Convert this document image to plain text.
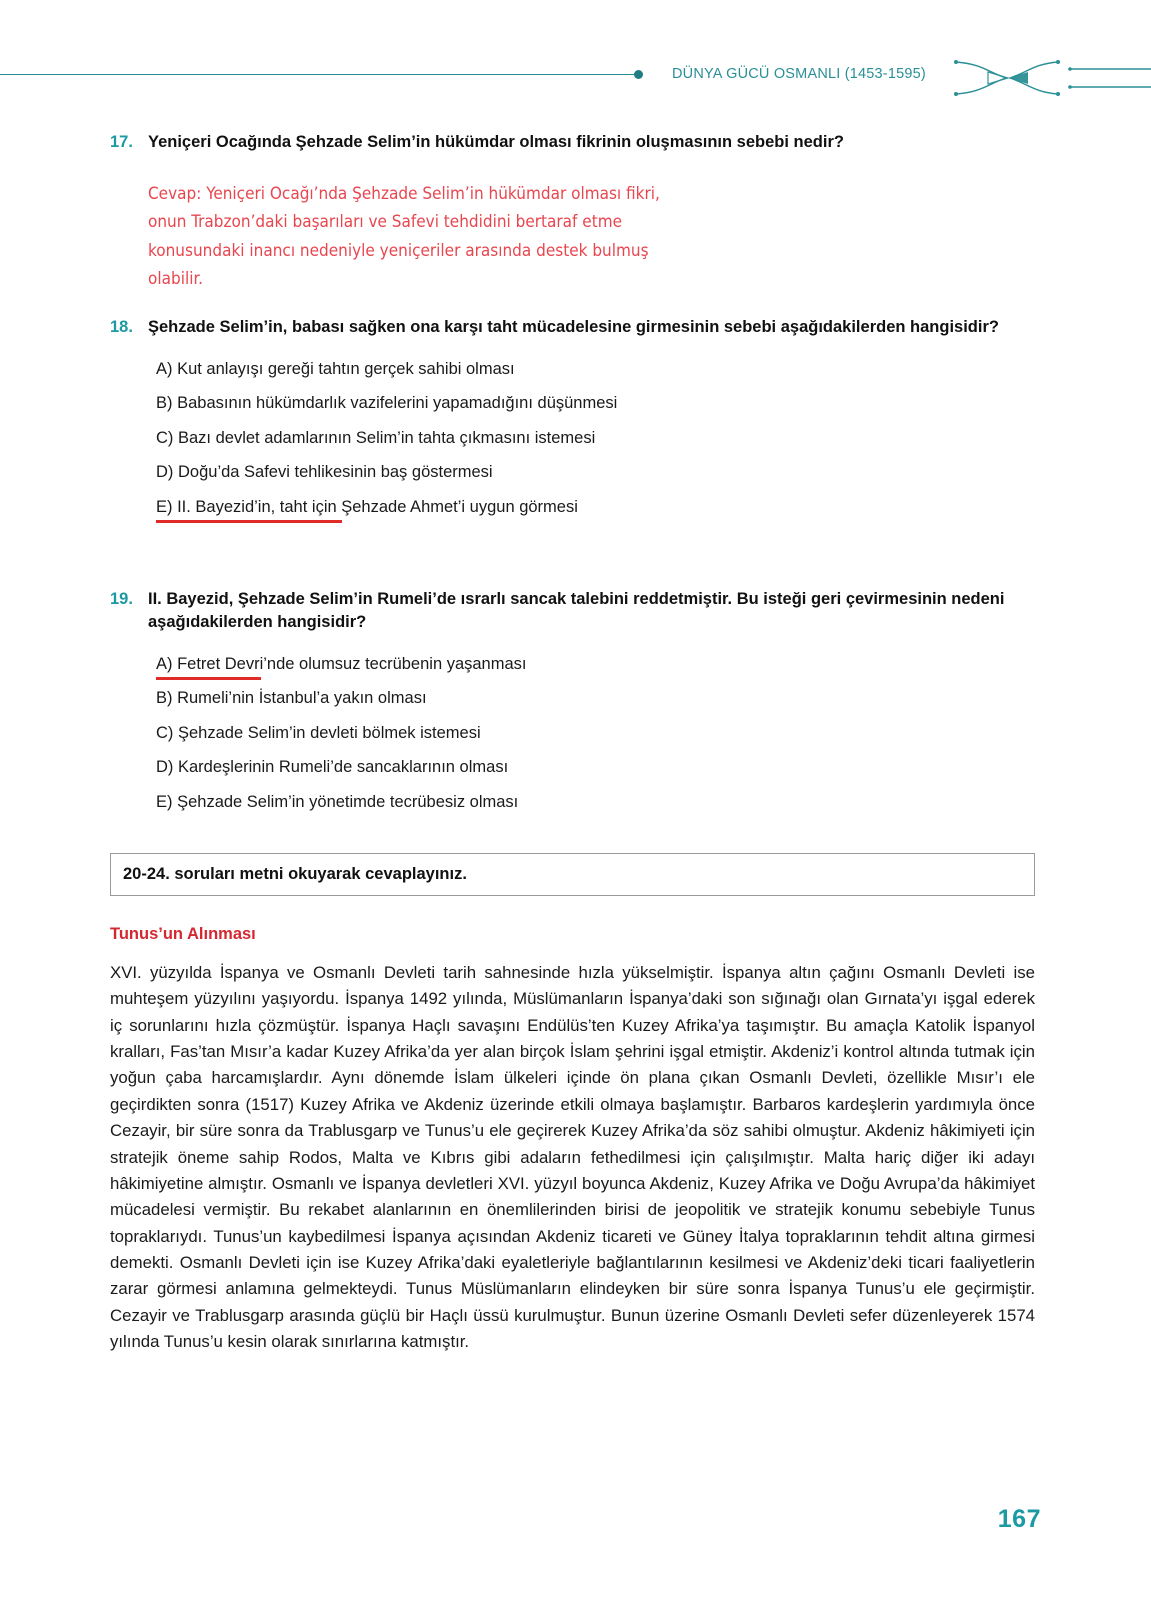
DÜNYA GÜCÜ OSMANLI (1453-1595)
17. Yeniçeri Ocağında Şehzade Selim’in hükümdar olması fikrinin oluşmasının sebebi nedir?
Cevap: Yeniçeri Ocağı’nda Şehzade Selim’in hükümdar olması fikri,
onun Trabzon’daki başarıları ve Safevi tehdidini bertaraf etme
konusundaki inancı nedeniyle yeniçeriler arasında destek bulmuş
olabilir.
18. Şehzade Selim’in, babası sağken ona karşı taht mücadelesine girmesinin sebebi aşağıdakilerden hangisidir?
A) Kut anlayışı gereği tahtın gerçek sahibi olması
B) Babasının hükümdarlık vazifelerini yapamadığını düşünmesi
C) Bazı devlet adamlarının Selim’in tahta çıkmasını istemesi
D) Doğu’da Safevi tehlikesinin baş göstermesi
E) II. Bayezid’in, taht için Şehzade Ahmet’i uygun görmesi
19. II. Bayezid, Şehzade Selim’in Rumeli’de ısrarlı sancak talebini reddetmiştir. Bu isteği geri çevirmesinin nedeni aşağıdakilerden hangisidir?
A) Fetret Devri’nde olumsuz tecrübenin yaşanması
B) Rumeli’nin İstanbul’a yakın olması
C) Şehzade Selim’in devleti bölmek istemesi
D) Kardeşlerinin Rumeli’de sancaklarının olması
E) Şehzade Selim’in yönetimde tecrübesiz olması
20-24. soruları metni okuyarak cevaplayınız.
Tunus’un Alınması
XVI. yüzyılda İspanya ve Osmanlı Devleti tarih sahnesinde hızla yükselmiştir. İspanya altın çağını Osmanlı Devleti ise muhteşem yüzyılını yaşıyordu. İspanya 1492 yılında, Müslümanların İspanya’daki son sığınağı olan Gırnata’yı işgal ederek iç sorunlarını hızla çözmüştür. İspanya Haçlı savaşını Endülüs’ten Kuzey Afrika’ya taşımıştır. Bu amaçla Katolik İspanyol kralları, Fas’tan Mısır’a kadar Kuzey Afrika’da yer alan birçok İslam şehrini işgal etmiştir. Akdeniz’i kontrol altında tutmak için yoğun çaba harcamışlardır. Aynı dönemde İslam ülkeleri içinde ön plana çıkan Osmanlı Devleti, özellikle Mısır’ı ele geçirdikten sonra (1517) Kuzey Afrika ve Akdeniz üzerinde etkili olmaya başlamıştır. Barbaros kardeşlerin yardımıyla önce Cezayir, bir süre sonra da Trablusgarp ve Tunus’u ele geçirerek Kuzey Afrika’da söz sahibi olmuştur. Akdeniz hâkimiyeti için stratejik öneme sahip Rodos, Malta ve Kıbrıs gibi adaların fethedilmesi için çalışılmıştır. Malta hariç diğer iki adayı hâkimiyetine almıştır. Osmanlı ve İspanya devletleri XVI. yüzyıl boyunca Akdeniz, Kuzey Afrika ve Doğu Avrupa’da hâkimiyet mücadelesi vermiştir. Bu rekabet alanlarının en önemlilerinden birisi de jeopolitik ve stratejik konumu sebebiyle Tunus topraklarıydı. Tunus’un kaybedilmesi İspanya açısından Akdeniz ticareti ve Güney İtalya topraklarının tehdit altına girmesi demekti. Osmanlı Devleti için ise Kuzey Afrika’daki eyaletleriyle bağlantılarının kesilmesi ve Akdeniz’deki ticari faaliyetlerin zarar görmesi anlamına gelmekteydi. Tunus Müslümanların elindeyken bir süre sonra İspanya Tunus’u ele geçirmiştir. Cezayir ve Trablusgarp arasında güçlü bir Haçlı üssü kurulmuştur. Bunun üzerine Osmanlı Devleti sefer düzenleyerek 1574 yılında Tunus’u kesin olarak sınırlarına katmıştır.
167
